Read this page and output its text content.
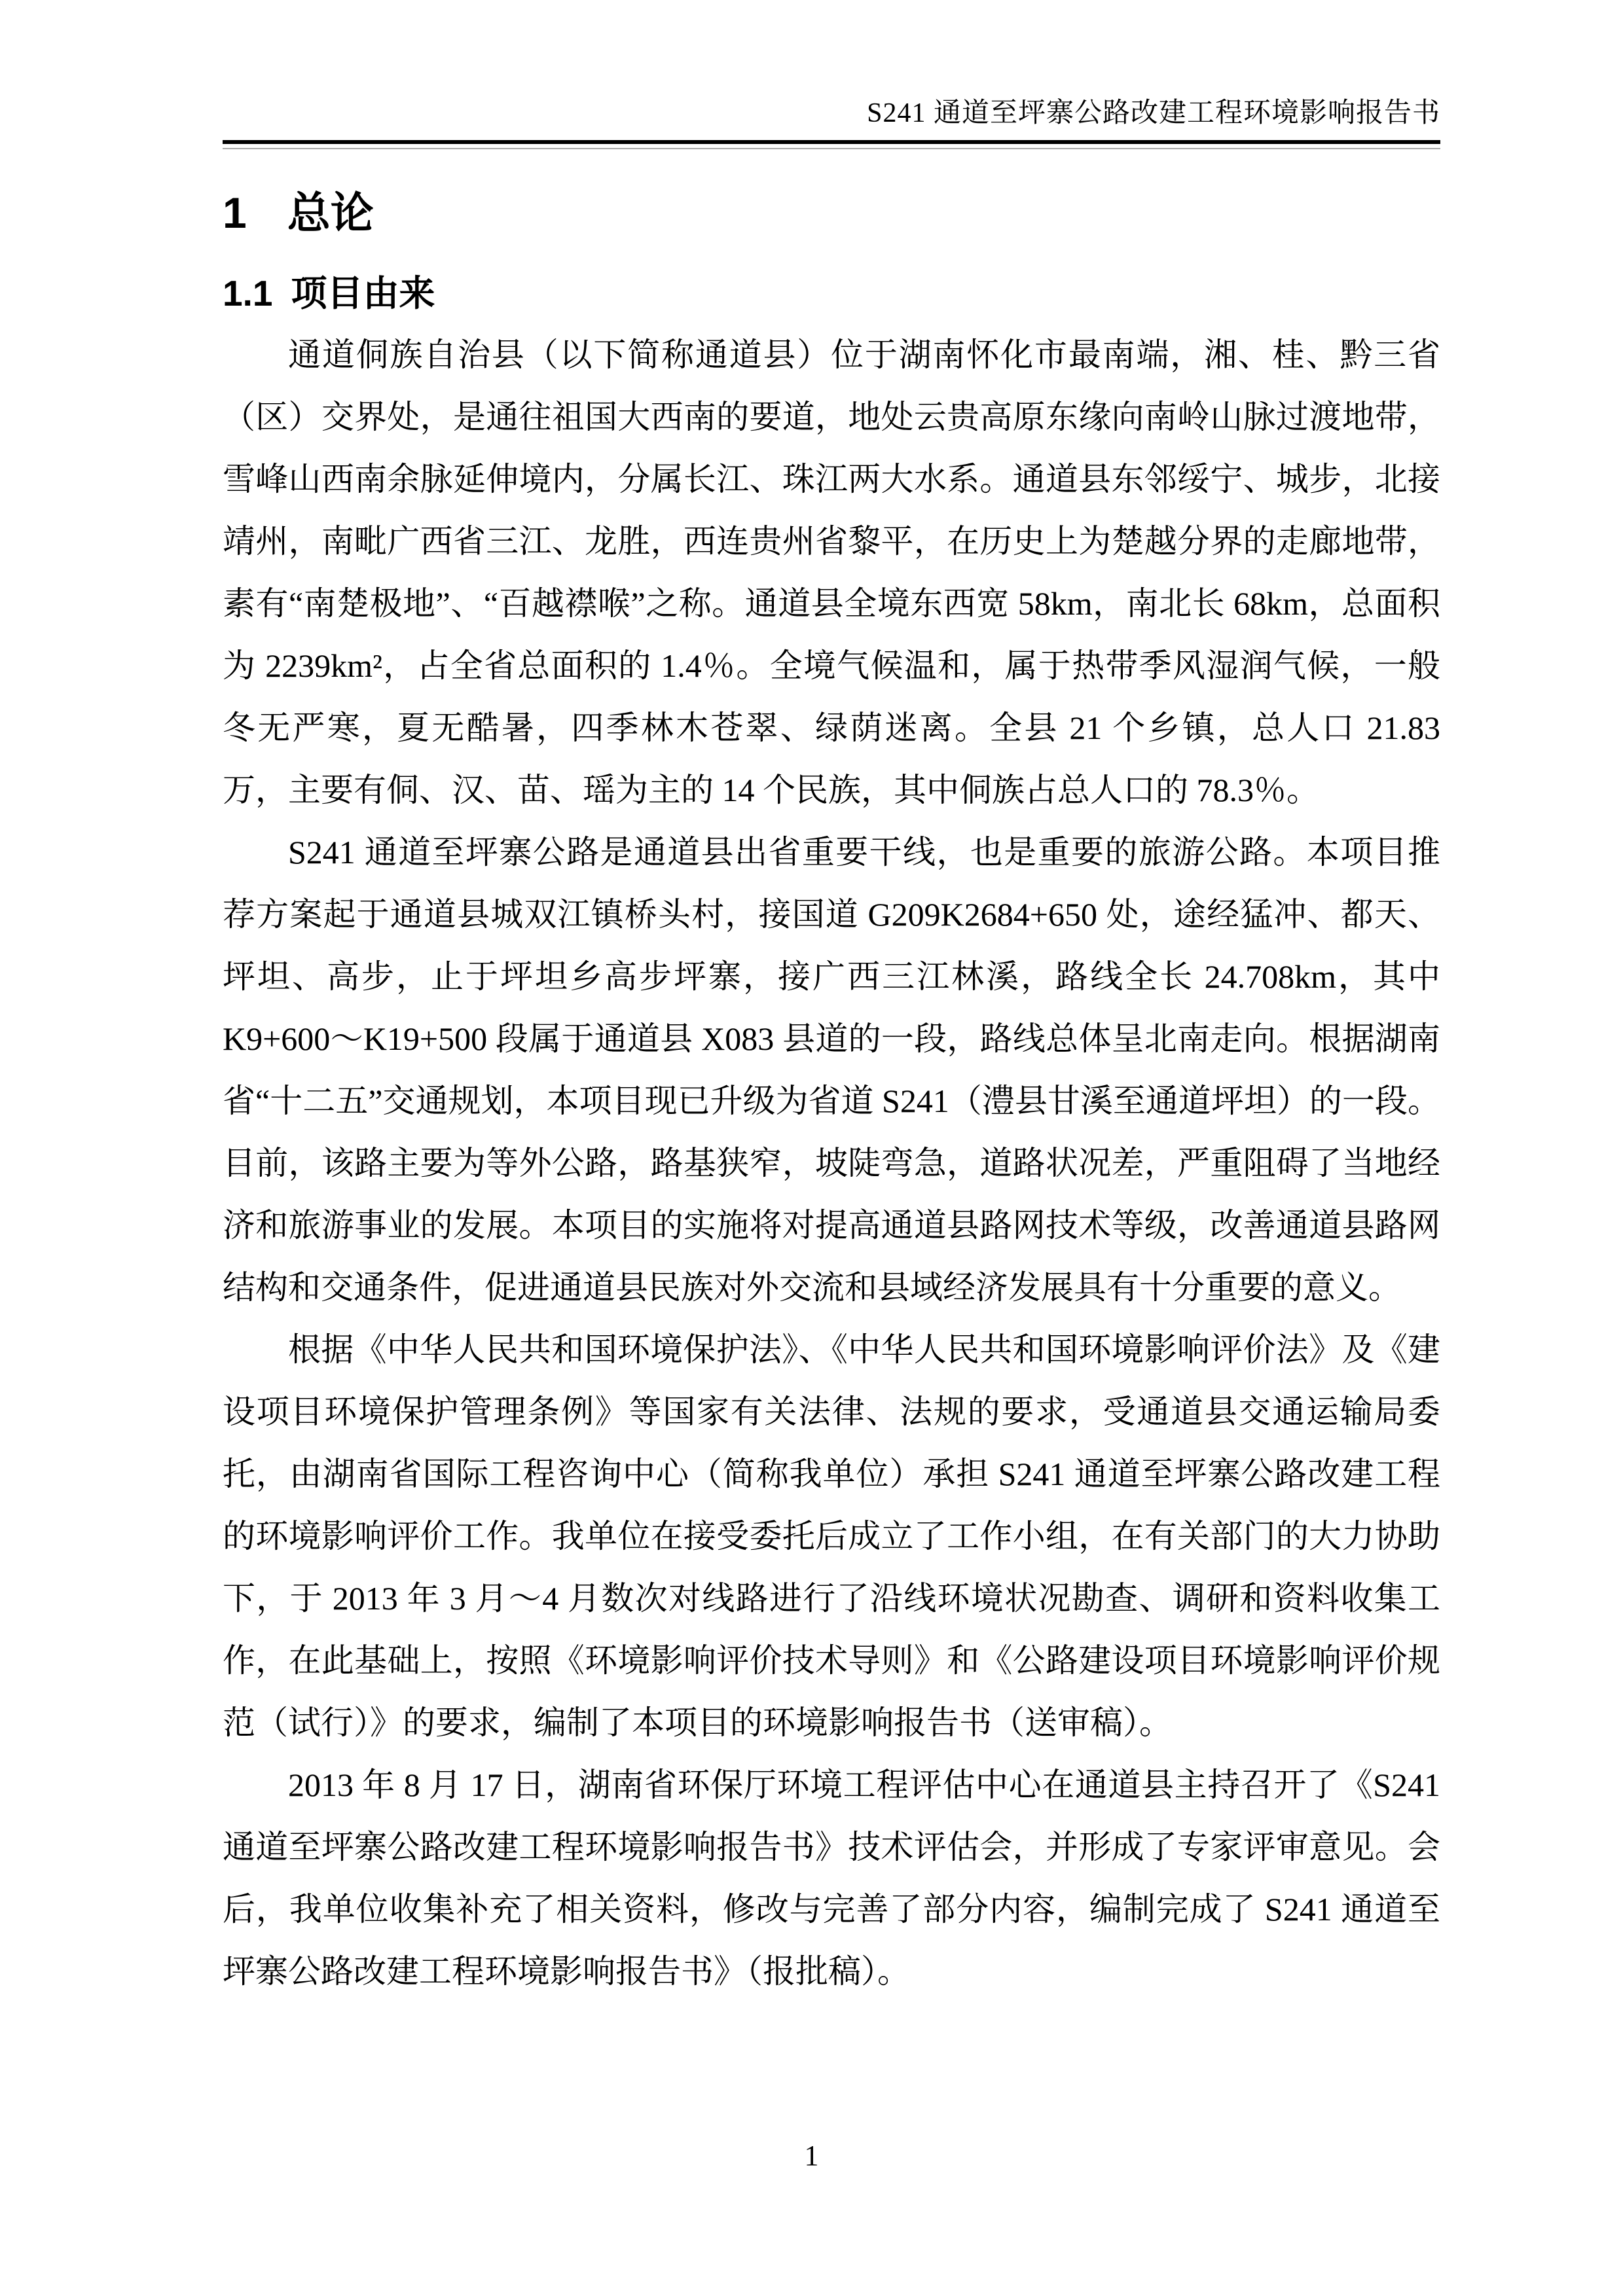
S241 通道至坪寨公路改建工程环境影响报告书
1 总论
1.1 项目由来

通道侗族自治县（以下简称通道县）位于湖南怀化市最南端，湘、桂、黔三省（区）交界处，是通往祖国大西南的要道，地处云贵高原东缘向南岭山脉过渡地带，雪峰山西南余脉延伸境内，分属长江、珠江两大水系。通道县东邻绥宁、城步，北接靖州，南毗广西省三江、龙胜，西连贵州省黎平，在历史上为楚越分界的走廊地带，素有“南楚极地”、“百越襟喉”之称。通道县全境东西宽 58km，南北长 68km，总面积为 2239km²，占全省总面积的 1.4％。全境气候温和，属于热带季风湿润气候，一般冬无严寒，夏无酷暑，四季林木苍翠、绿荫迷离。全县 21 个乡镇，总人口 21.83 万，主要有侗、汉、苗、瑶为主的 14 个民族，其中侗族占总人口的 78.3％。

S241 通道至坪寨公路是通道县出省重要干线，也是重要的旅游公路。本项目推荐方案起于通道县城双江镇桥头村，接国道 G209K2684+650 处，途经猛冲、都天、坪坦、高步，止于坪坦乡高步坪寨，接广西三江林溪，路线全长 24.708km，其中 K9+600～K19+500 段属于通道县 X083 县道的一段，路线总体呈北南走向。根据湖南省“十二五”交通规划，本项目现已升级为省道 S241（澧县甘溪至通道坪坦）的一段。目前，该路主要为等外公路，路基狭窄，坡陡弯急，道路状况差，严重阻碍了当地经济和旅游事业的发展。本项目的实施将对提高通道县路网技术等级，改善通道县路网结构和交通条件，促进通道县民族对外交流和县域经济发展具有十分重要的意义。

根据《中华人民共和国环境保护法》、《中华人民共和国环境影响评价法》及《建设项目环境保护管理条例》等国家有关法律、法规的要求，受通道县交通运输局委托，由湖南省国际工程咨询中心（简称我单位）承担 S241 通道至坪寨公路改建工程的环境影响评价工作。我单位在接受委托后成立了工作小组，在有关部门的大力协助下，于 2013 年 3 月～4 月数次对线路进行了沿线环境状况勘查、调研和资料收集工作，在此基础上，按照《环境影响评价技术导则》和《公路建设项目环境影响评价规范（试行）》的要求，编制了本项目的环境影响报告书（送审稿）。

2013 年 8 月 17 日，湖南省环保厅环境工程评估中心在通道县主持召开了《S241 通道至坪寨公路改建工程环境影响报告书》技术评估会，并形成了专家评审意见。会后，我单位收集补充了相关资料，修改与完善了部分内容，编制完成了 S241 通道至坪寨公路改建工程环境影响报告书》（报批稿）。

1
